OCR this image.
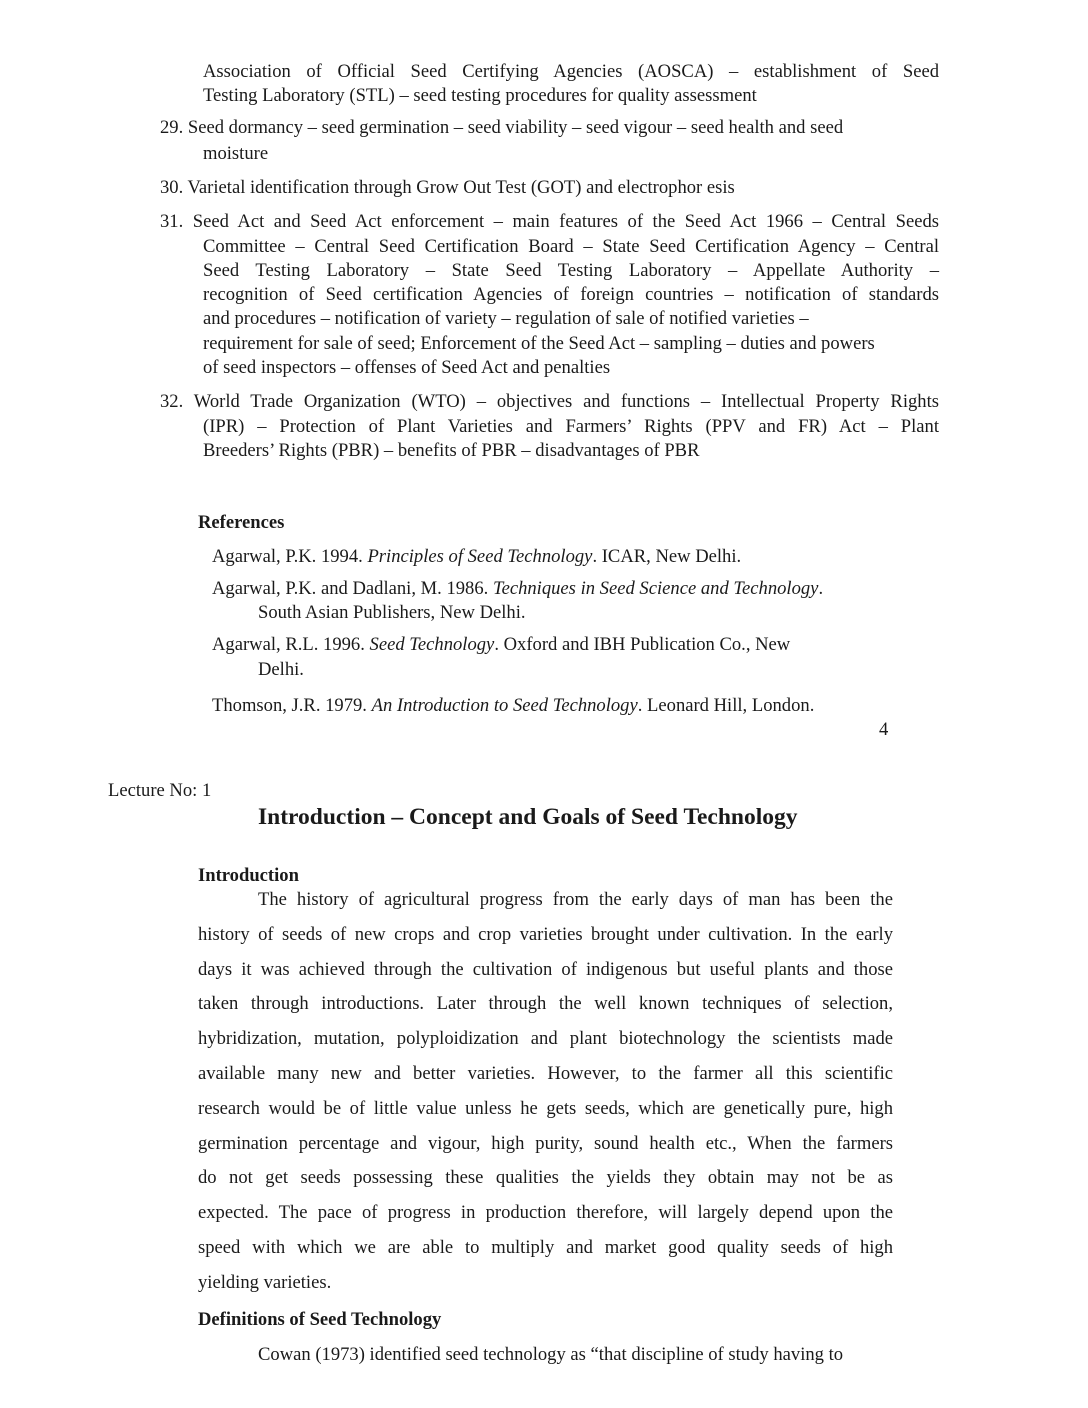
Association of Official Seed Certifying Agencies (AOSCA) – establishment of Seed
Testing Laboratory (STL) – seed testing procedures for quality assessment
29. Seed dormancy – seed germination – seed viability – seed vigour – seed health and seed
moisture
30. Varietal identification through Grow Out Test (GOT) and electrophor esis
31. Seed Act and Seed Act enforcement – main features of the Seed Act 1966 – Central Seeds
Committee – Central Seed Certification Board – State Seed Certification Agency – Central
Seed Testing Laboratory – State Seed Testing Laboratory – Appellate Authority –
recognition of Seed certification Agencies of foreign countries – notification of standards
and procedures – notification of variety – regulation of sale of notified varieties –
requirement for sale of seed; Enforcement of the Seed Act – sampling – duties and powers
of seed inspectors – offenses of Seed Act and penalties
32. World Trade Organization (WTO) – objectives and functions – Intellectual Property Rights
(IPR) – Protection of Plant Varieties and Farmers’ Rights (PPV and FR) Act – Plant
Breeders’ Rights (PBR) – benefits of PBR – disadvantages of PBR
References
Agarwal, P.K. 1994. Principles of Seed Technology. ICAR, New Delhi.
Agarwal, P.K. and Dadlani, M. 1986. Techniques in Seed Science and Technology.
South Asian Publishers, New Delhi.
Agarwal, R.L. 1996. Seed Technology. Oxford and IBH Publication Co., New
Delhi.
Thomson, J.R. 1979. An Introduction to Seed Technology. Leonard Hill, London.
4
Lecture No: 1
Introduction – Concept and Goals of Seed Technology
Introduction
The history of agricultural progress from the early days of man has been the
history of seeds of new crops and crop varieties brought under cultivation. In the early
days it was achieved through the cultivation of indigenous but useful plants and those
taken through introductions. Later through the well known techniques of selection,
hybridization, mutation, polyploidization and plant biotechnology the scientists made
available many new and better varieties. However, to the farmer all this scientific
research would be of little value unless he gets seeds, which are genetically pure, high
germination percentage and vigour, high purity, sound health etc., When the farmers
do not get seeds possessing these qualities the yields they obtain may not be as
expected. The pace of progress in production therefore, will largely depend upon the
speed with which we are able to multiply and market good quality seeds of high
yielding varieties.
Definitions of Seed Technology
Cowan (1973) identified seed technology as “that discipline of study having to
